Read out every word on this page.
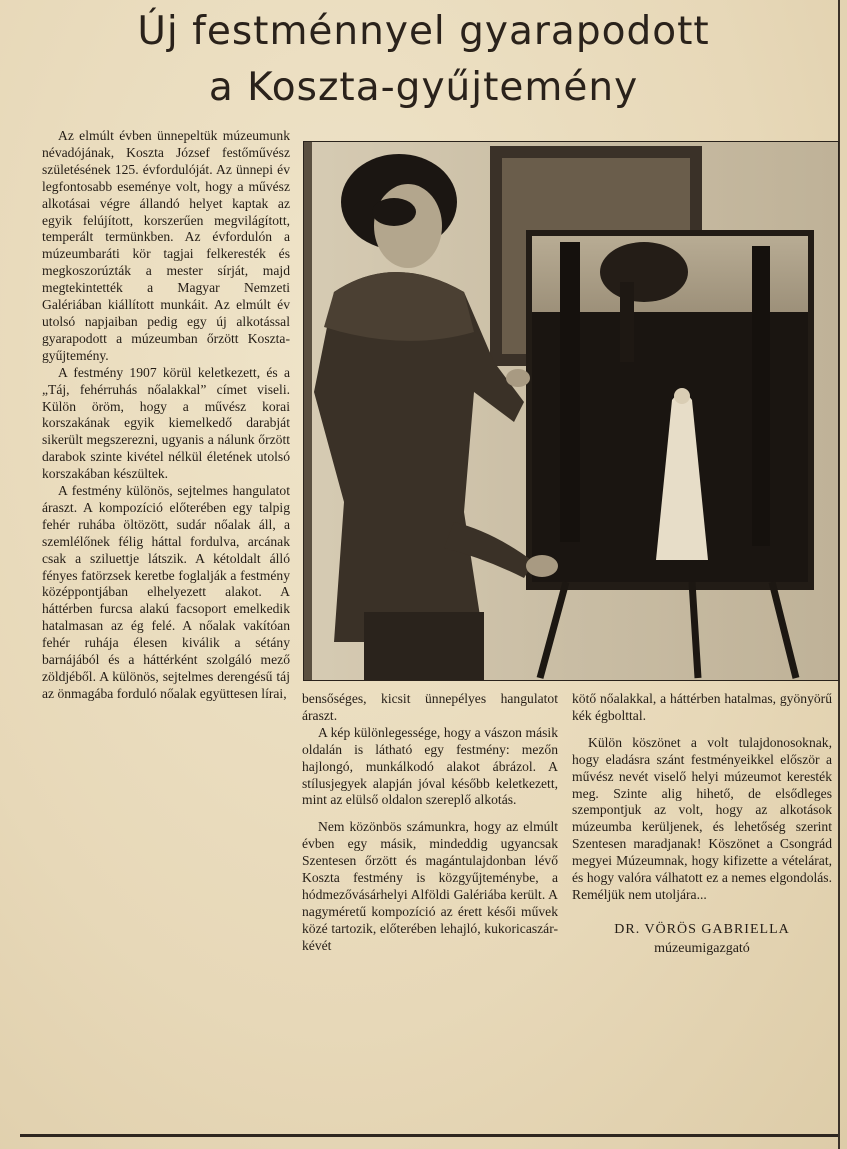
Új festménnyel gyarapodott
a Koszta-gyűjtemény

Az elmúlt évben ünnepeltük múzeumunk névadójának, Koszta József festőművész születésének 125. évfordulóját. Az ünnepi év legfontosabb eseménye volt, hogy a művész alkotásai végre állandó helyet kaptak az egyik felújított, korszerűen megvilágított, temperált termünkben. Az évfordulón a múzeumbaráti kör tagjai felkeresték és megkoszorúzták a mester sírját, majd megtekintették a Magyar Nemzeti Galériában kiállított munkáit. Az elmúlt év utolsó napjaiban pedig egy új alkotással gyarapodott a múzeumban őrzött Koszta-gyűjtemény.

A festmény 1907 körül keletkezett, és a „Táj, fehérruhás nőalakkal” címet viseli. Külön öröm, hogy a művész korai korszakának egyik kiemelkedő darabját sikerült megszerezni, ugyanis a nálunk őrzött darabok szinte kivétel nélkül életének utolsó korszakában készültek.

A festmény különös, sejtelmes hangulatot áraszt. A kompozíció előterében egy talpig fehér ruhába öltözött, sudár nőalak áll, a szemlélőnek félig háttal fordulva, arcának csak a sziluettje látszik. A kétoldalt álló fényes fatörzsek keretbe foglalják a festmény középpontjában elhelyezett alakot. A háttérben furcsa alakú facsoport emelkedik hatalmasan az ég felé. A nőalak vakítóan fehér ruhája élesen kiválik a sétány barnájából és a háttérként szolgáló mező zöldjéből. A különös, sejtelmes derengésű táj az önmagába forduló nőalak együttesen lírai, bensőséges, kicsit ünnepélyes hangulatot áraszt.

A kép különlegessége, hogy a vászon másik oldalán is látható egy festmény: mezőn hajlongó, munkálkodó alakot ábrázol. A stílusjegyek alapján jóval később keletkezett, mint az elülső oldalon szereplő alkotás.

Nem közönbös számunkra, hogy az elmúlt évben egy másik, mindeddig ugyancsak Szentesen őrzött és magántulajdonban lévő Koszta festmény is közgyűjteménybe, a hódmezővásárhelyi Alföldi Galériába került. A nagyméretű kompozíció az érett késői művek közé tartozik, előterében lehajló, kukoricaszár-kévét

kötő nőalakkal, a háttérben hatalmas, gyönyörű kék égbolttal.

Külön köszönet a volt tulajdonosoknak, hogy eladásra szánt festményeikkel először a művész nevét viselő helyi múzeumot keresték meg. Szinte alig hihető, de elsődleges szempontjuk az volt, hogy az alkotások múzeumba kerüljenek, és lehetőség szerint Szentesen maradjanak! Köszönet a Csongrád megyei Múzeumnak, hogy kifizette a vételárat, és hogy valóra válhatott ez a nemes elgondolás. Reméljük nem utoljára...

DR. VÖRÖS GABRIELLA
múzeumigazgató
